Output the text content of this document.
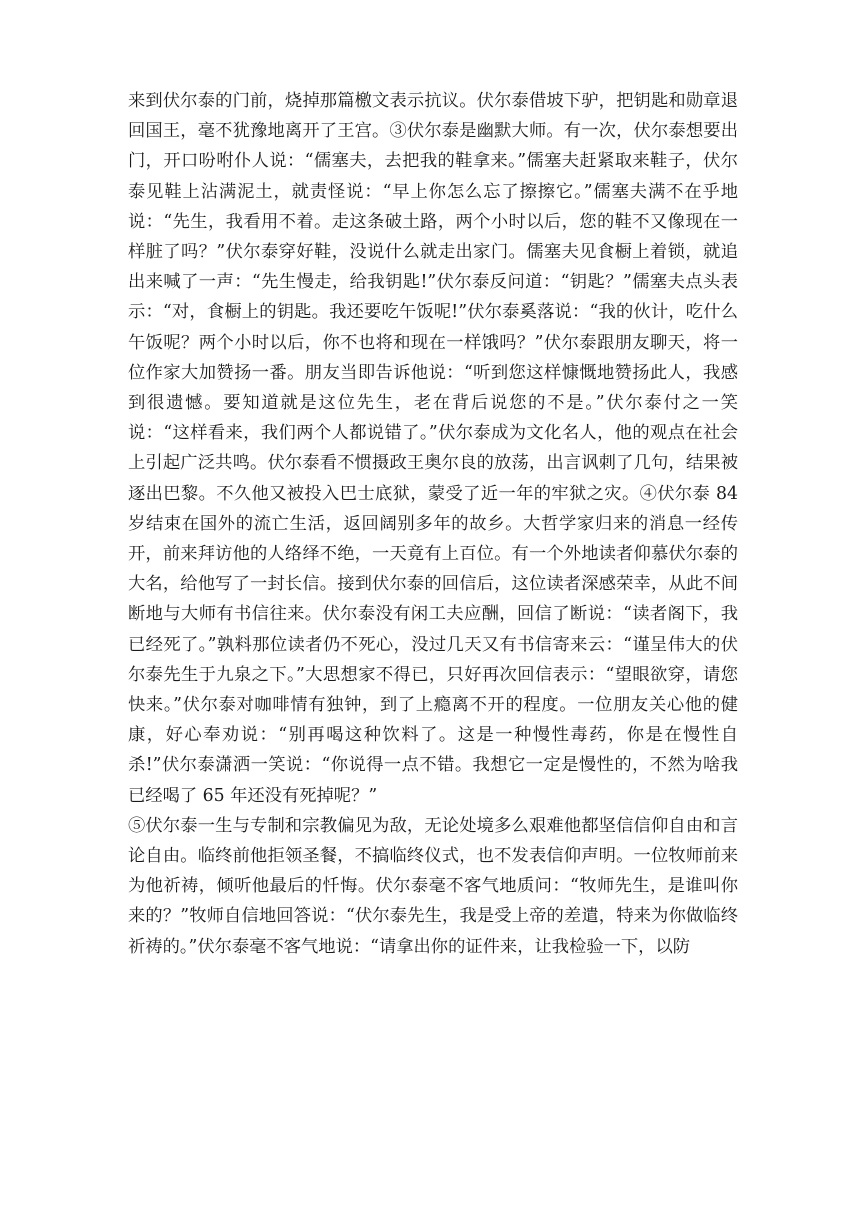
来到伏尔泰的门前，烧掉那篇檄文表示抗议。伏尔泰借坡下驴，把钥匙和勋章退回国王，毫不犹豫地离开了王宫。③伏尔泰是幽默大师。有一次，伏尔泰想要出门，开口吩咐仆人说：“儒塞夫，去把我的鞋拿来。”儒塞夫赶紧取来鞋子，伏尔泰见鞋上沾满泥土，就责怪说：“早上你怎么忘了擦擦它。”儒塞夫满不在乎地说：“先生，我看用不着。走这条破土路，两个小时以后，您的鞋不又像现在一样脏了吗？”伏尔泰穿好鞋，没说什么就走出家门。儒塞夫见食橱上着锁，就追出来喊了一声：“先生慢走，给我钥匙!”伏尔泰反问道：“钥匙？”儒塞夫点头表示：“对，食橱上的钥匙。我还要吃午饭呢!”伏尔泰奚落说：“我的伙计，吃什么午饭呢？两个小时以后，你不也将和现在一样饿吗？”伏尔泰跟朋友聊天，将一位作家大加赞扬一番。朋友当即告诉他说：“听到您这样慷慨地赞扬此人，我感到很遗憾。要知道就是这位先生，老在背后说您的不是。”伏尔泰付之一笑说：“这样看来，我们两个人都说错了。”伏尔泰成为文化名人，他的观点在社会上引起广泛共鸣。伏尔泰看不惯摄政王奥尔良的放荡，出言讽刺了几句，结果被逐出巴黎。不久他又被投入巴士底狱，蒙受了近一年的牢狱之灾。④伏尔泰 84 岁结束在国外的流亡生活，返回阔别多年的故乡。大哲学家归来的消息一经传开，前来拜访他的人络绎不绝，一天竟有上百位。有一个外地读者仰慕伏尔泰的大名，给他写了一封长信。接到伏尔泰的回信后，这位读者深感荣幸，从此不间断地与大师有书信往来。伏尔泰没有闲工夫应酬，回信了断说：“读者阁下，我已经死了。”孰料那位读者仍不死心，没过几天又有书信寄来云：“谨呈伟大的伏尔泰先生于九泉之下。”大思想家不得已，只好再次回信表示：“望眼欲穿，请您快来。”伏尔泰对咖啡情有独钟，到了上瘾离不开的程度。一位朋友关心他的健康，好心奉劝说：“别再喝这种饮料了。这是一种慢性毒药，你是在慢性自杀!”伏尔泰潇洒一笑说：“你说得一点不错。我想它一定是慢性的，不然为啥我已经喝了 65 年还没有死掉呢？”

⑤伏尔泰一生与专制和宗教偏见为敌，无论处境多么艰难他都坚信信仰自由和言论自由。临终前他拒领圣餐，不搞临终仪式，也不发表信仰声明。一位牧师前来为他祈祷，倾听他最后的忏悔。伏尔泰毫不客气地质问：“牧师先生，是谁叫你来的？”牧师自信地回答说：“伏尔泰先生，我是受上帝的差遣，特来为你做临终祈祷的。”伏尔泰毫不客气地说：“请拿出你的证件来，让我检验一下，以防
